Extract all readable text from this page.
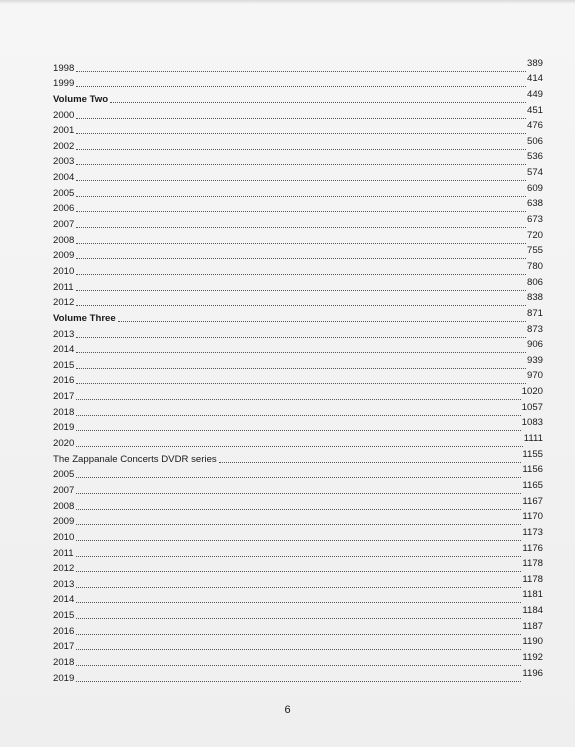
1998	389
1999	414
Volume Two	449
2000	451
2001	476
2002	506
2003	536
2004	574
2005	609
2006	638
2007	673
2008	720
2009	755
2010	780
2011	806
2012	838
Volume Three	871
2013	873
2014	906
2015	939
2016	970
2017	1020
2018	1057
2019	1083
2020	1111
The Zappanale Concerts DVDR series	1155
2005	1156
2007	1165
2008	1167
2009	1170
2010	1173
2011	1176
2012	1178
2013	1178
2014	1181
2015	1184
2016	1187
2017	1190
2018	1192
2019	1196
6
